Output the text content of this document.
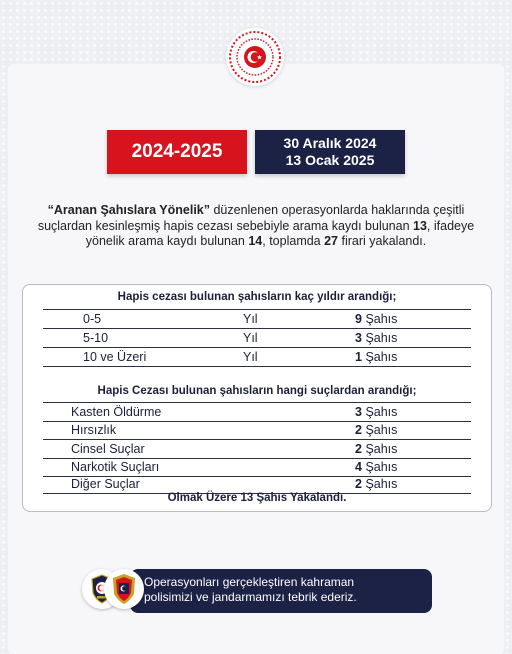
2024-2025	30 Aralık 2024
13 Ocak 2025
“Aranan Şahıslara Yönelik” düzenlenen operasyonlarda haklarında çeşitli suçlardan kesinleşmiş hapis cezası sebebiyle arama kaydı bulunan 13, ifadeye yönelik arama kaydı bulunan 14, toplamda 27 firari yakalandı.
Hapis cezası bulunan şahısların kaç yıldır arandığı;
0-5	Yıl	9 Şahıs
5-10	Yıl	3 Şahıs
10 ve Üzeri	Yıl	1 Şahıs
Hapis Cezası bulunan şahısların hangi suçlardan arandığı;
Kasten Öldürme	3 Şahıs
Hırsızlık	2 Şahıs
Cinsel Suçlar	2 Şahıs
Narkotik Suçları	4 Şahıs
Diğer Suçlar	2 Şahıs
Olmak Üzere 13 Şahıs Yakalandı.
Operasyonları gerçekleştiren kahraman
polisimizi ve jandarmamızı tebrik ederiz.
